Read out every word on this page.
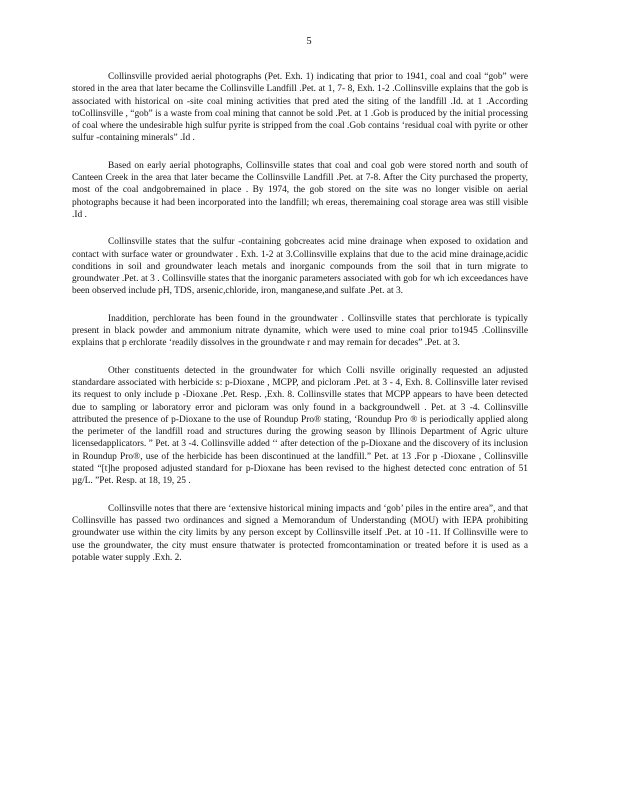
5

Collinsville provided aerial photographs (Pet. Exh. 1) indicating that prior to 1941, coal and coal “gob” were stored in the area that later became the Collinsville Landfill .Pet. at 1, 7- 8, Exh. 1-2 .Collinsville explains that the gob is associated with historical on -site coal mining activities that pred ated the siting of the landfill .Id. at 1 .According toCollinsville , “gob” is a waste from coal mining that cannot be sold .Pet. at 1 .Gob is produced by the initial processing of coal where the undesirable high sulfur pyrite is stripped from the coal .Gob contains ‘residual coal with pyrite or other sulfur -containing minerals” .Id .

Based on early aerial photographs, Collinsville states that coal and coal gob were stored north and south of Canteen Creek in the area that later became the Collinsville Landfill .Pet. at 7-8. After the City purchased the property, most of the coal andgobremained in place . By 1974, the gob stored on the site was no longer visible on aerial photographs because it had been incorporated into the landfill; wh ereas, theremaining coal storage area was still visible .Id .

Collinsville states that the sulfur -containing gobcreates acid mine drainage when exposed to oxidation and contact with surface water or groundwater . Exh. 1-2 at 3.Collinsville explains that due to the acid mine drainage,acidic conditions in soil and groundwater leach metals and inorganic compounds from the soil that in turn migrate to groundwater .Pet. at 3 . Collinsville states that the inorganic parameters associated with gob for wh ich exceedances have been observed include pH, TDS, arsenic,chloride, iron, manganese,and sulfate .Pet. at 3.

Inaddition, perchlorate has been found in the groundwater . Collinsville states that perchlorate is typically present in black powder and ammonium nitrate dynamite, which were used to mine coal prior to1945 .Collinsville explains that p erchlorate ‘readily dissolves in the groundwate r and may remain for decades” .Pet. at 3.

Other constituents detected in the groundwater for which Colli nsville originally requested an adjusted standardare associated with herbicide s: p-Dioxane , MCPP, and picloram .Pet. at 3 - 4, Exh. 8. Collinsville later revised its request to only include p -Dioxane .Pet. Resp. ,Exh. 8. Collinsville states that MCPP appears to have been detected due to sampling or laboratory error and picloram was only found in a backgroundwell . Pet. at 3 -4. Collinsville attributed the presence of p-Dioxane to the use of Roundup Pro® stating, ‘Roundup Pro ® is periodically applied along the perimeter of the landfill road and structures during the growing season by Illinois Department of Agric ulture licensedapplicators. ” Pet. at 3 -4. Collinsville added ‘‘ after detection of the p-Dioxane and the discovery of its inclusion in Roundup Pro®, use of the herbicide has been discontinued at the landfill.” Pet. at 13 .For p -Dioxane , Collinsville stated “[t]he proposed adjusted standard for p-Dioxane has been revised to the highest detected conc entration of 51 µg/L. ”Pet. Resp. at 18, 19, 25 .

Collinsville notes that there are ‘extensive historical mining impacts and ‘gob’ piles in the entire area”, and that Collinsville has passed two ordinances and signed a Memorandum of Understanding (MOU) with IEPA prohibiting groundwater use within the city limits by any person except by Collinsville itself .Pet. at 10 -11. If Collinsville were to use the groundwater, the city must ensure thatwater is protected fromcontamination or treated before it is used as a potable water supply .Exh. 2.
